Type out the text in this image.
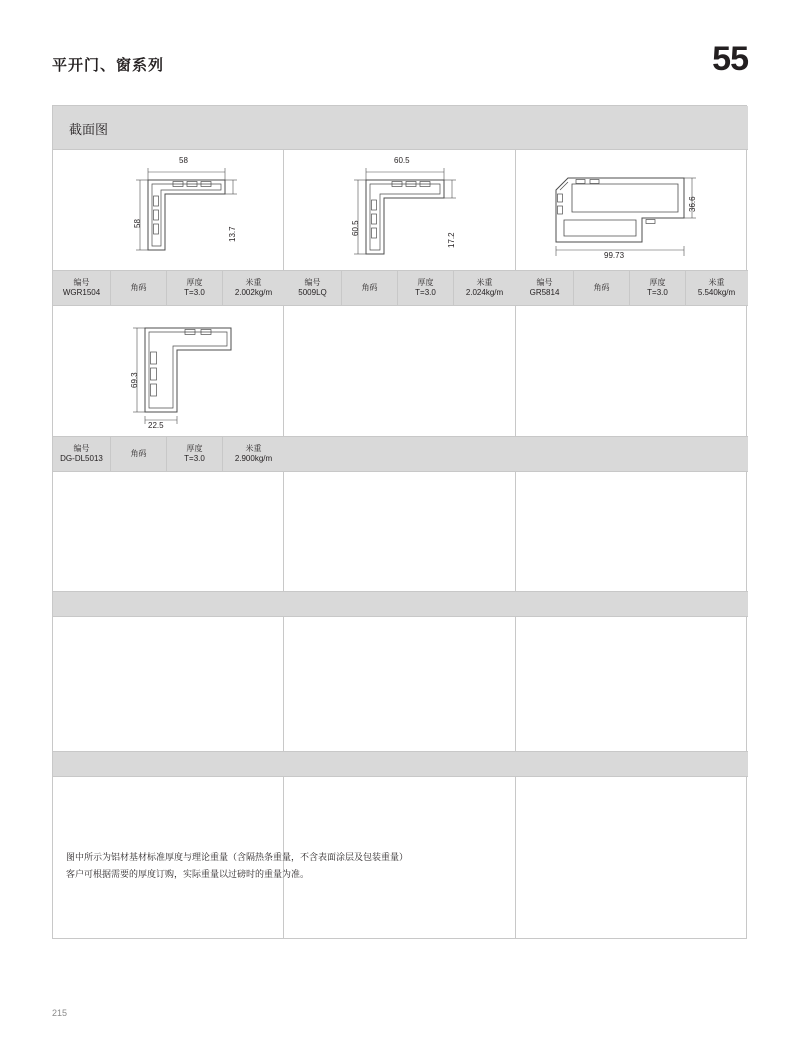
平开门、窗系列	55
截面图
58
58
13.7
60.5
60.5
17.2
36.6
99.73
编号
WGR1504
角码
厚度
T=3.0
米重
2.002kg/m
编号
5009LQ
角码
厚度
T=3.0
米重
2.024kg/m
编号
GR5814
角码
厚度
T=3.0
米重
5.540kg/m
69.3
22.5
编号
DG-DL5013
角码
厚度
T=3.0
米重
2.900kg/m
图中所示为铝材基材标准厚度与理论重量（含隔热条重量，不含表面涂层及包装重量）
客户可根据需要的厚度订购，实际重量以过磅时的重量为准。
215
